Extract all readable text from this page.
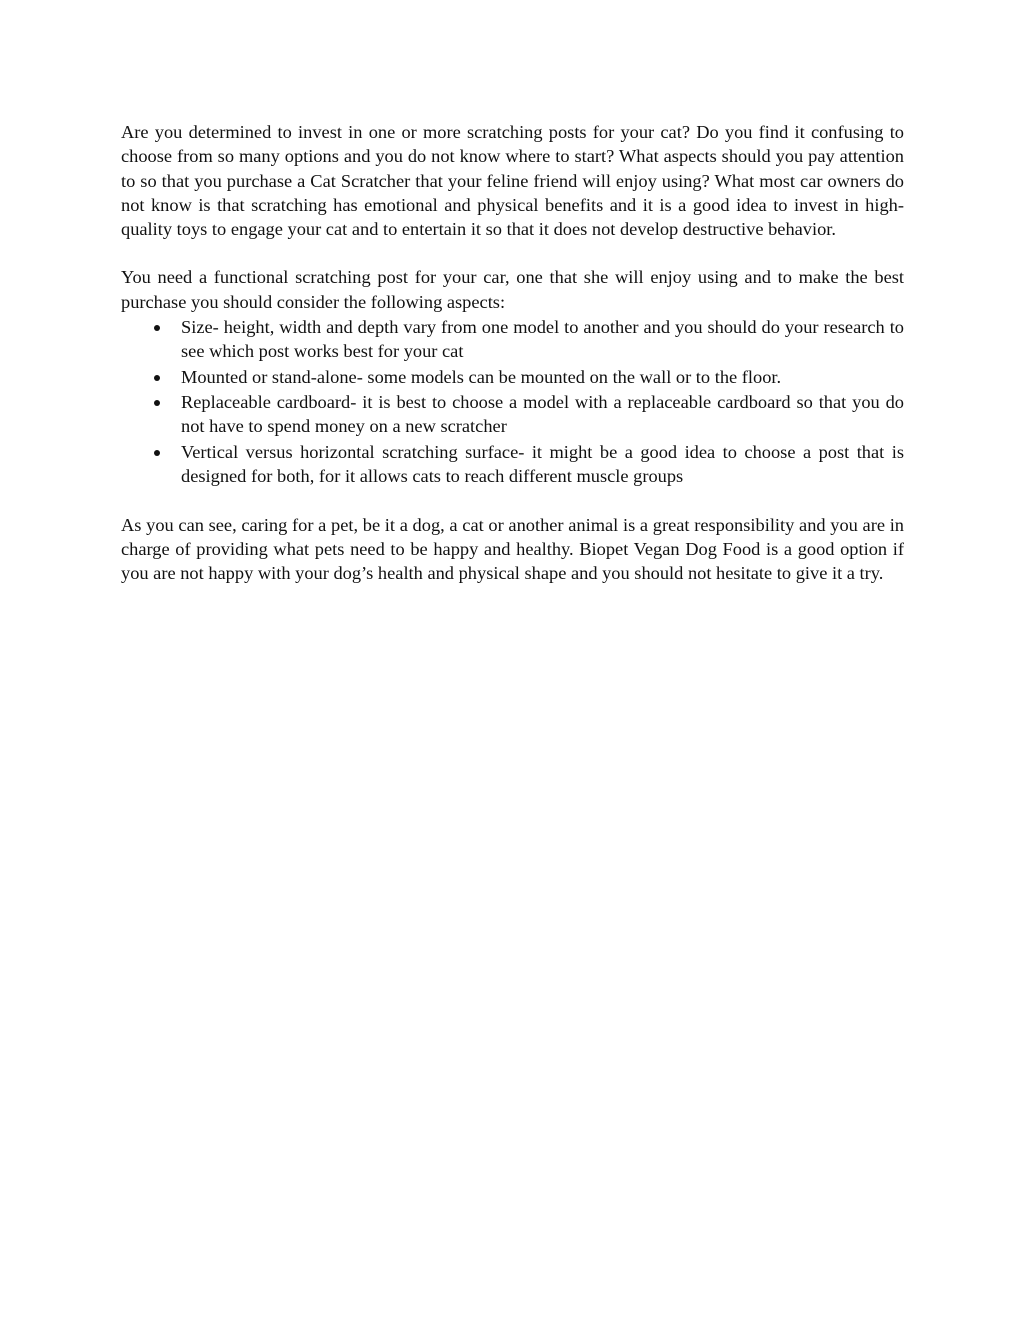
Are you determined to invest in one or more scratching posts for your cat? Do you find it confusing to choose from so many options and you do not know where to start? What aspects should you pay attention to so that you purchase a Cat Scratcher that your feline friend will enjoy using? What most car owners do not know is that scratching has emotional and physical benefits and it is a good idea to invest in high-quality toys to engage your cat and to entertain it so that it does not develop destructive behavior.

You need a functional scratching post for your car, one that she will enjoy using and to make the best purchase you should consider the following aspects:

Size- height, width and depth vary from one model to another and you should do your research to see which post works best for your cat
Mounted or stand-alone- some models can be mounted on the wall or to the floor.
Replaceable cardboard- it is best to choose a model with a replaceable cardboard so that you do not have to spend money on a new scratcher
Vertical versus horizontal scratching surface- it might be a good idea to choose a post that is designed for both, for it allows cats to reach different muscle groups

As you can see, caring for a pet, be it a dog, a cat or another animal is a great responsibility and you are in charge of providing what pets need to be happy and healthy. Biopet Vegan Dog Food is a good option if you are not happy with your dog’s health and physical shape and you should not hesitate to give it a try.
